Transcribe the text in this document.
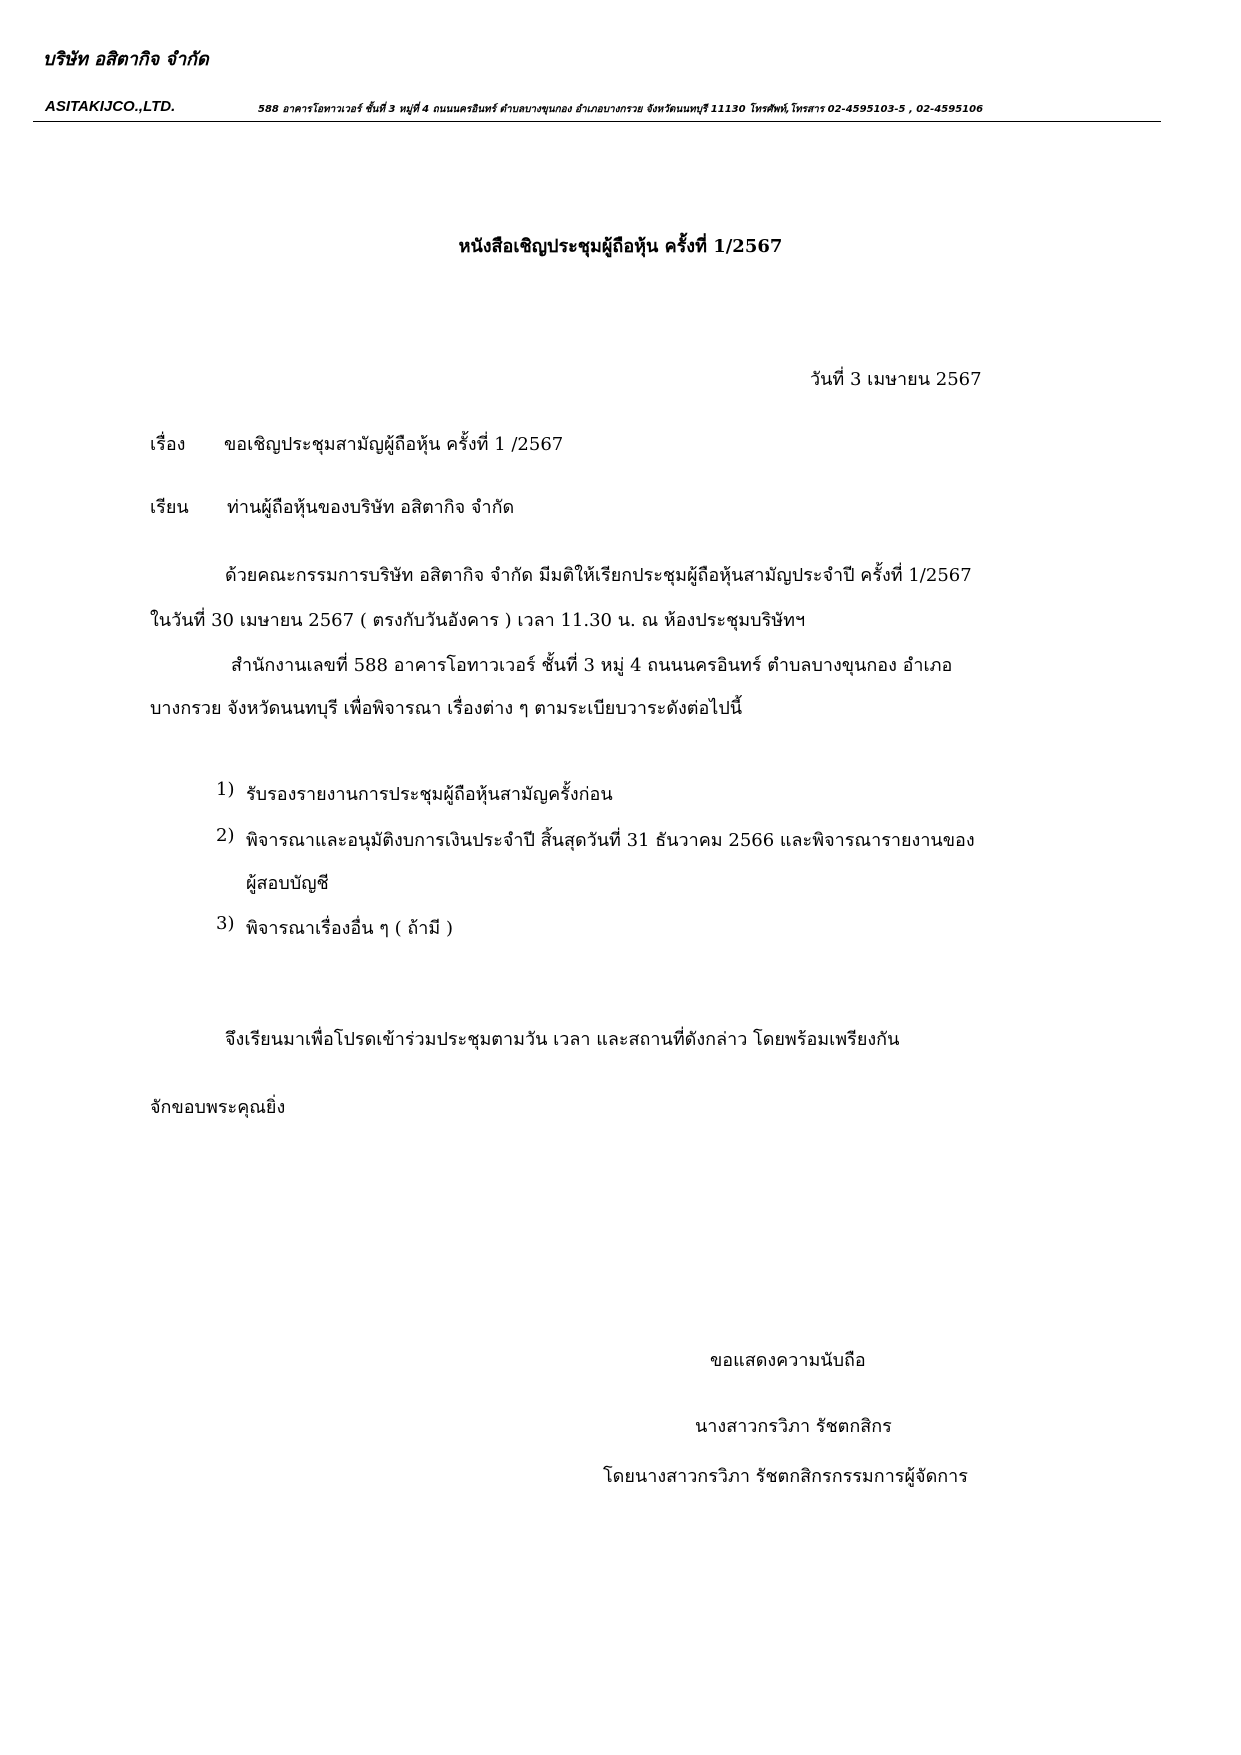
บริษัท อสิตากิจ จำกัด
ASITAKIJCO.,LTD.	588 อาคารโอทาวเวอร์ ชั้นที่ 3 หมู่ที่ 4 ถนนนครอินทร์ ตำบลบางขุนกอง อำเภอบางกรวย จังหวัดนนทบุรี 11130 โทรศัพท์,โทรสาร 02-4595103-5 , 02-4595106
หนังสือเชิญประชุมผู้ถือหุ้น ครั้งที่ 1/2567
วันที่ 3 เมษายน 2567
เรื่อง ขอเชิญประชุมสามัญผู้ถือหุ้น ครั้งที่ 1 /2567
เรียน ท่านผู้ถือหุ้นของบริษัท อสิตากิจ จำกัด
ด้วยคณะกรรมการบริษัท อสิตากิจ จำกัด มีมติให้เรียกประชุมผู้ถือหุ้นสามัญประจำปี ครั้งที่ 1/2567
ในวันที่ 30 เมษายน 2567 ( ตรงกับวันอังคาร ) เวลา 11.30 น. ณ ห้องประชุมบริษัทฯ
สำนักงานเลขที่ 588 อาคารโอทาวเวอร์ ชั้นที่ 3 หมู่ 4 ถนนนครอินทร์ ตำบลบางขุนกอง อำเภอ
บางกรวย จังหวัดนนทบุรี เพื่อพิจารณา เรื่องต่าง ๆ ตามระเบียบวาระดังต่อไปนี้
1) รับรองรายงานการประชุมผู้ถือหุ้นสามัญครั้งก่อน
2) พิจารณาและอนุมัติงบการเงินประจำปี สิ้นสุดวันที่ 31 ธันวาคม 2566 และพิจารณารายงานของ
ผู้สอบบัญชี
3) พิจารณาเรื่องอื่น ๆ ( ถ้ามี )
จึงเรียนมาเพื่อโปรดเข้าร่วมประชุมตามวัน เวลา และสถานที่ดังกล่าว โดยพร้อมเพรียงกัน
จักขอบพระคุณยิ่ง
ขอแสดงความนับถือ
นางสาวกรวิภา รัชตกสิกร
โดยนางสาวกรวิภา รัชตกสิกรกรรมการผู้จัดการ
